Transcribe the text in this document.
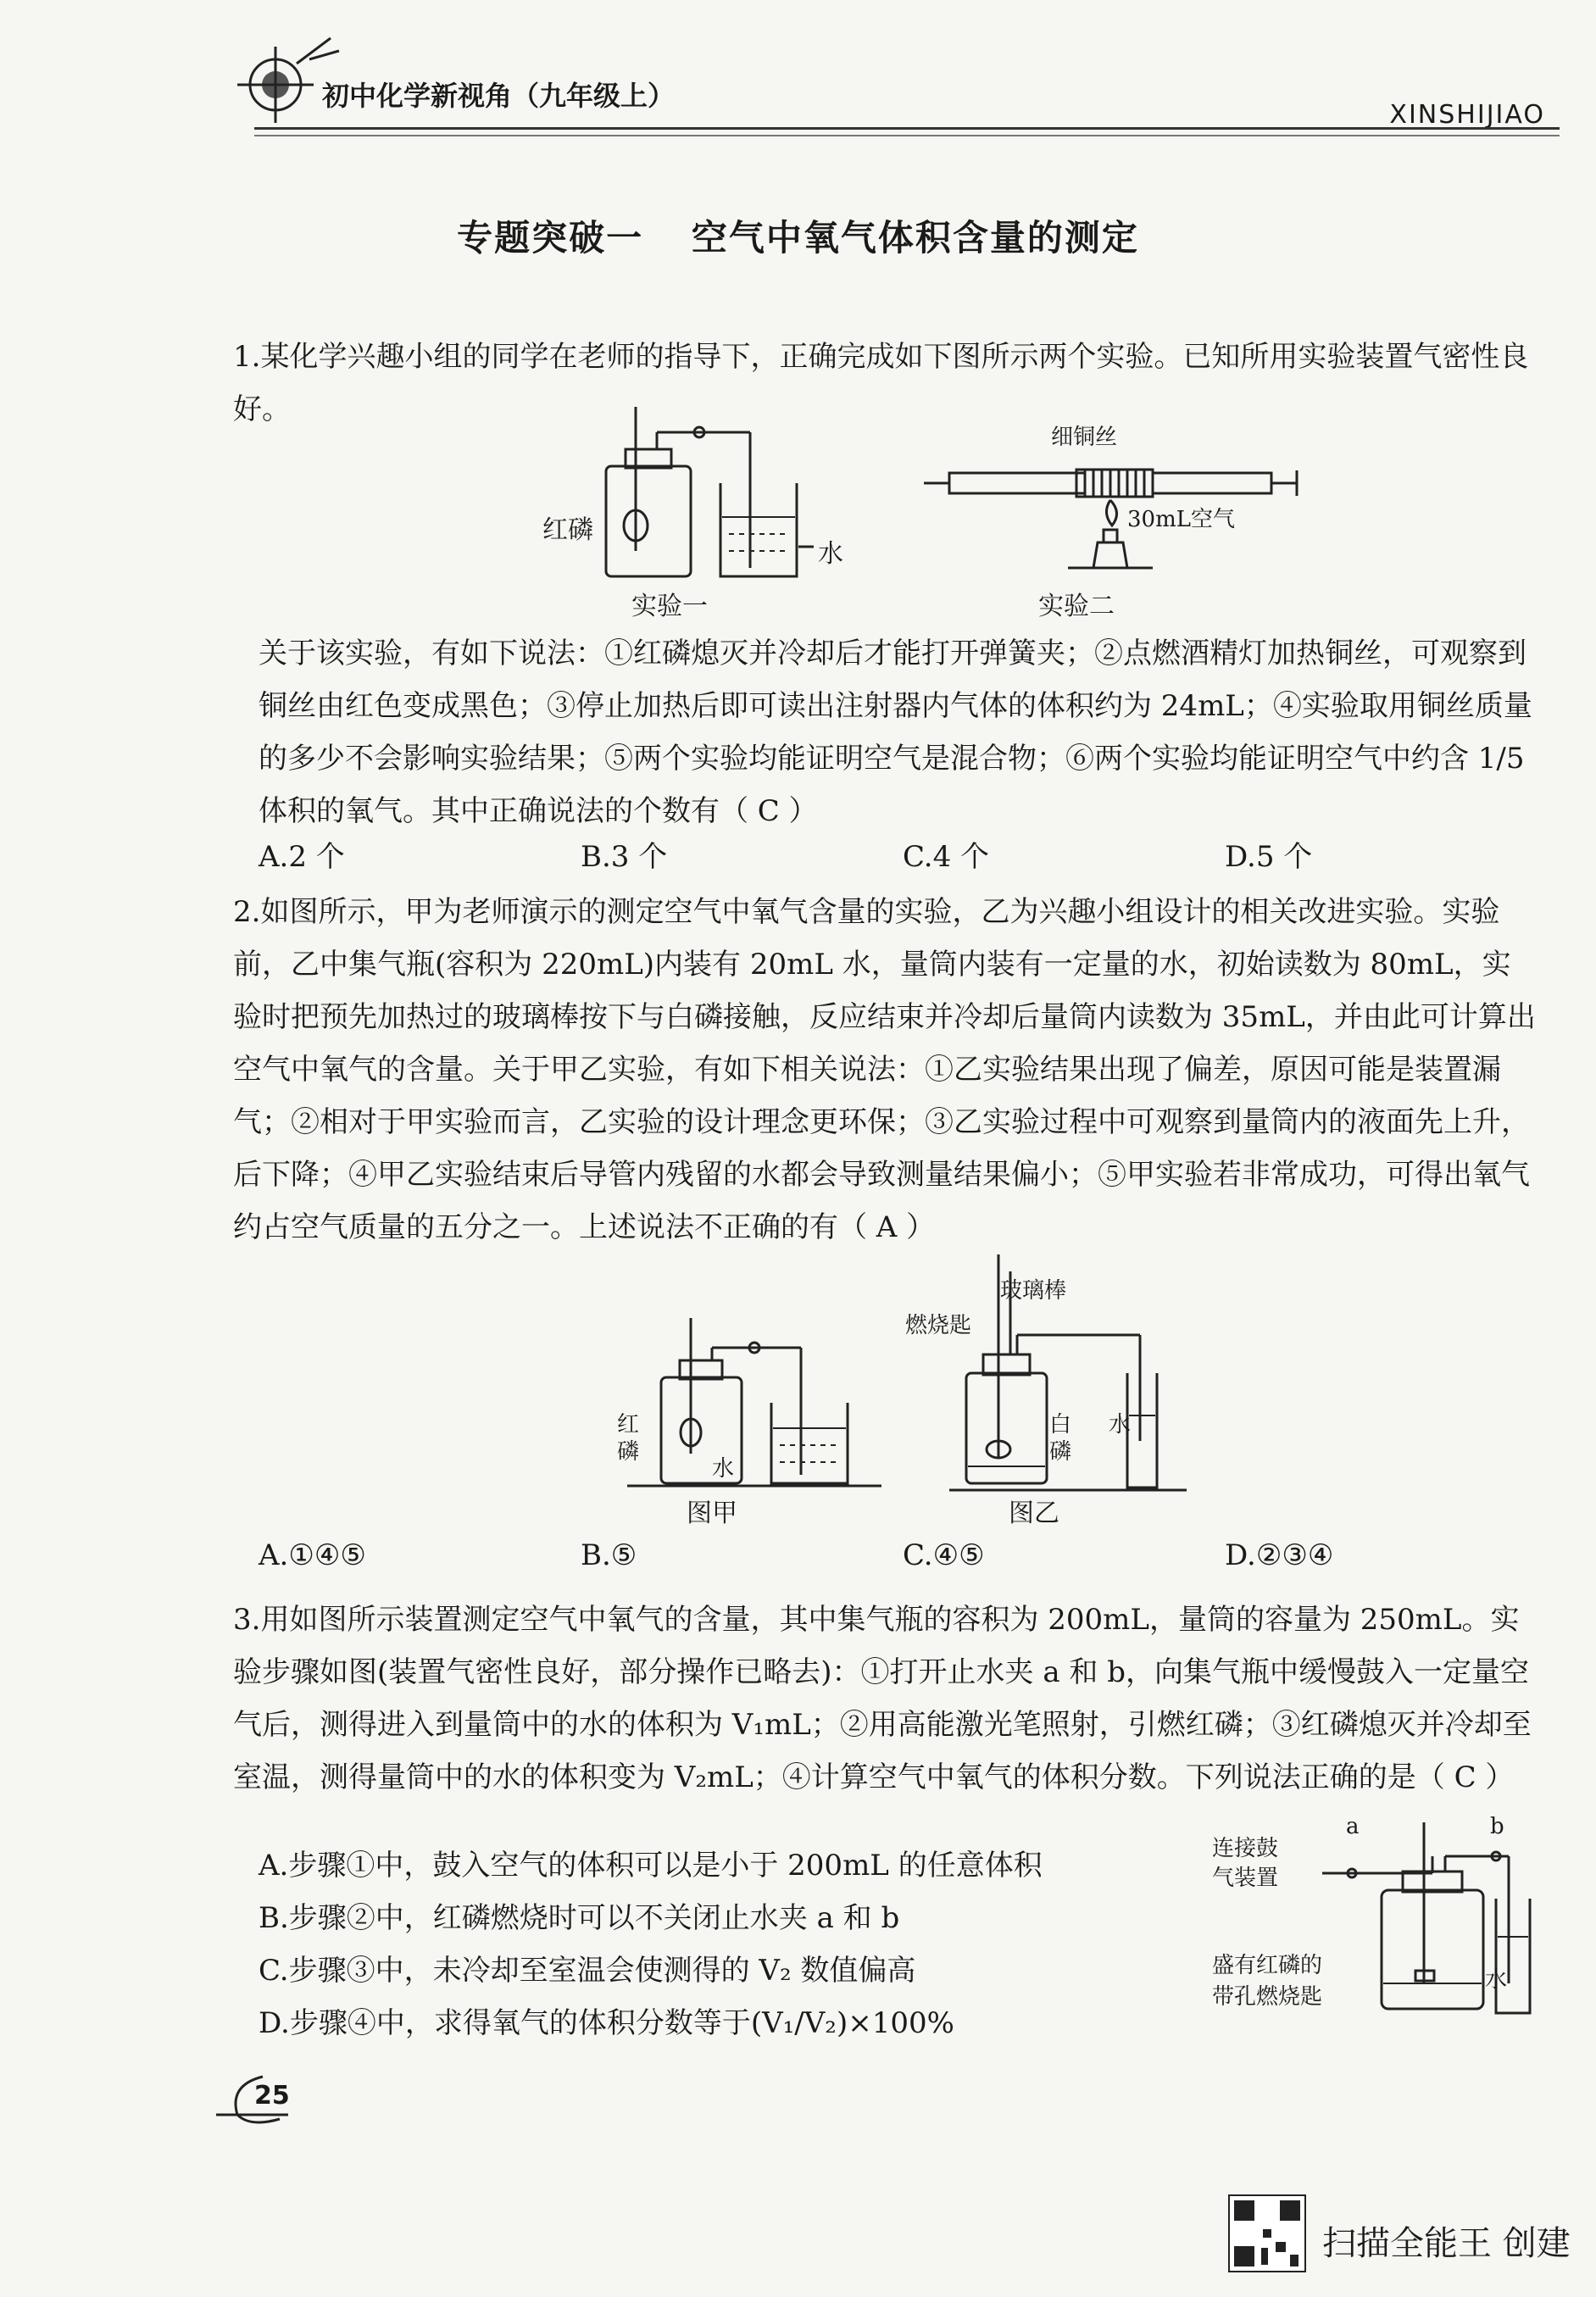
初中化学新视角（九年级上）
XINSHIJIAO
专题突破一 空气中氧气体积含量的测定
1.某化学兴趣小组的同学在老师的指导下，正确完成如下图所示两个实验。已知所用实验装置气密性良好。
红磷
水
实验一
细铜丝
30mL空气
实验二
关于该实验，有如下说法：①红磷熄灭并冷却后才能打开弹簧夹；②点燃酒精灯加热铜丝，可观察到铜丝由红色变成黑色；③停止加热后即可读出注射器内气体的体积约为 24mL；④实验取用铜丝质量的多少不会影响实验结果；⑤两个实验均能证明空气是混合物；⑥两个实验均能证明空气中约含 1/5 体积的氧气。其中正确说法的个数有（ C ）
A.2 个	B.3 个	C.4 个	D.5 个
2.如图所示，甲为老师演示的测定空气中氧气含量的实验，乙为兴趣小组设计的相关改进实验。实验前，乙中集气瓶(容积为 220mL)内装有 20mL 水，量筒内装有一定量的水，初始读数为 80mL，实验时把预先加热过的玻璃棒按下与白磷接触，反应结束并冷却后量筒内读数为 35mL，并由此可计算出空气中氧气的含量。关于甲乙实验，有如下相关说法：①乙实验结果出现了偏差，原因可能是装置漏气；②相对于甲实验而言，乙实验的设计理念更环保；③乙实验过程中可观察到量筒内的液面先上升，后下降；④甲乙实验结束后导管内残留的水都会导致测量结果偏小；⑤甲实验若非常成功，可得出氧气约占空气质量的五分之一。上述说法不正确的有（ A ）
红
磷
水
图甲
燃烧匙
玻璃棒
白
磷
水
图乙
A.①④⑤	B.⑤	C.④⑤	D.②③④
3.用如图所示装置测定空气中氧气的含量，其中集气瓶的容积为 200mL，量筒的容量为 250mL。实验步骤如图(装置气密性良好，部分操作已略去)：①打开止水夹 a 和 b，向集气瓶中缓慢鼓入一定量空气后，测得进入到量筒中的水的体积为 V₁mL；②用高能激光笔照射，引燃红磷；③红磷熄灭并冷却至室温，测得量筒中的水的体积变为 V₂mL；④计算空气中氧气的体积分数。下列说法正确的是（ C ）
A.步骤①中，鼓入空气的体积可以是小于 200mL 的任意体积
B.步骤②中，红磷燃烧时可以不关闭止水夹 a 和 b
C.步骤③中，未冷却至室温会使测得的 V₂ 数值偏高
D.步骤④中，求得氧气的体积分数等于(V₁/V₂)×100%
连接鼓
气装置
a	b
盛有红磷的
带孔燃烧匙
水
25
扫描全能王 创建
